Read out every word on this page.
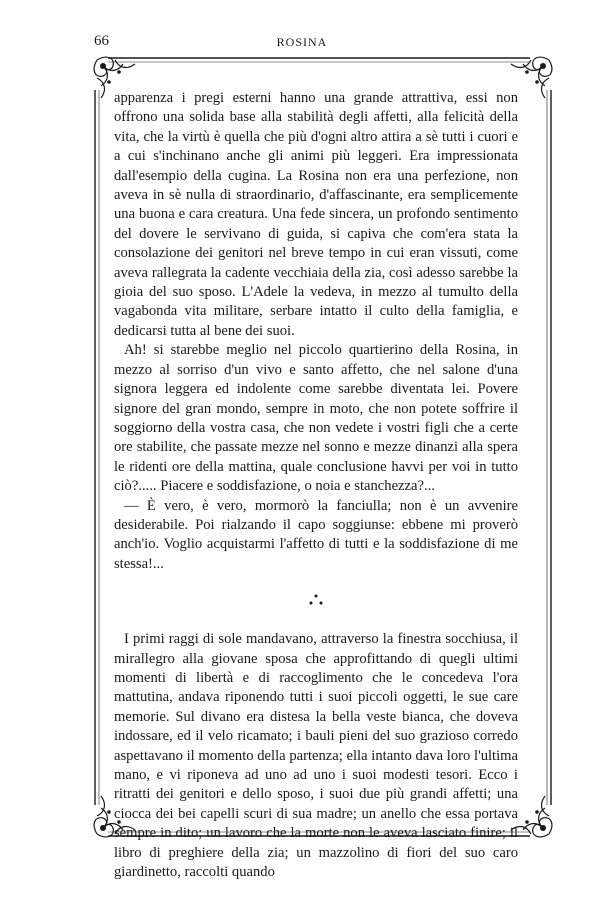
66	ROSINA

apparenza i pregi esterni hanno una grande attrattiva, essi non offrono una solida base alla stabilità degli affetti, alla felicità della vita, che la virtù è quella che più d'ogni altro attira a sè tutti i cuori e a cui s'inchinano anche gli animi più leggeri. Era impressionata dall'esempio della cugina. La Rosina non era una perfezione, non aveva in sè nulla di straordinario, d'affascinante, era semplicemente una buona e cara creatura. Una fede sincera, un profondo sentimento del dovere le servivano di guida, si capiva che com'era stata la consolazione dei genitori nel breve tempo in cui eran vissuti, come aveva rallegrata la cadente vecchiaia della zia, così adesso sarebbe la gioia del suo sposo. L'Adele la vedeva, in mezzo al tumulto della vagabonda vita militare, serbare intatto il culto della famiglia, e dedicarsi tutta al bene dei suoi.

Ah! si starebbe meglio nel piccolo quartierino della Rosina, in mezzo al sorriso d'un vivo e santo affetto, che nel salone d'una signora leggera ed indolente come sarebbe diventata lei. Povere signore del gran mondo, sempre in moto, che non potete soffrire il soggiorno della vostra casa, che non vedete i vostri figli che a certe ore stabilite, che passate mezze nel sonno e mezze dinanzi alla spera le ridenti ore della mattina, quale conclusione havvi per voi in tutto ciò?..... Piacere e soddisfazione, o noia e stanchezza?...

— È vero, è vero, mormorò la fanciulla; non è un avvenire desiderabile. Poi rialzando il capo soggiunse: ebbene mi proverò anch'io. Voglio acquistarmi l'affetto di tutti e la soddisfazione di me stessa!...

I primi raggi di sole mandavano, attraverso la finestra socchiusa, il mirallegro alla giovane sposa che approfittando di quegli ultimi momenti di libertà e di raccoglimento che le concedeva l'ora mattutina, andava riponendo tutti i suoi piccoli oggetti, le sue care memorie. Sul divano era distesa la bella veste bianca, che doveva indossare, ed il velo ricamato; i bauli pieni del suo grazioso corredo aspettavano il momento della partenza; ella intanto dava loro l'ultima mano, e vi riponeva ad uno ad uno i suoi modesti tesori. Ecco i ritratti dei genitori e dello sposo, i suoi due più grandi affetti; una ciocca dei bei capelli scuri di sua madre; un anello che essa portava sempre in dito; un lavoro che la morte non le aveva lasciato finire; il libro di preghiere della zia; un mazzolino di fiori del suo caro giardinetto, raccolti quando
